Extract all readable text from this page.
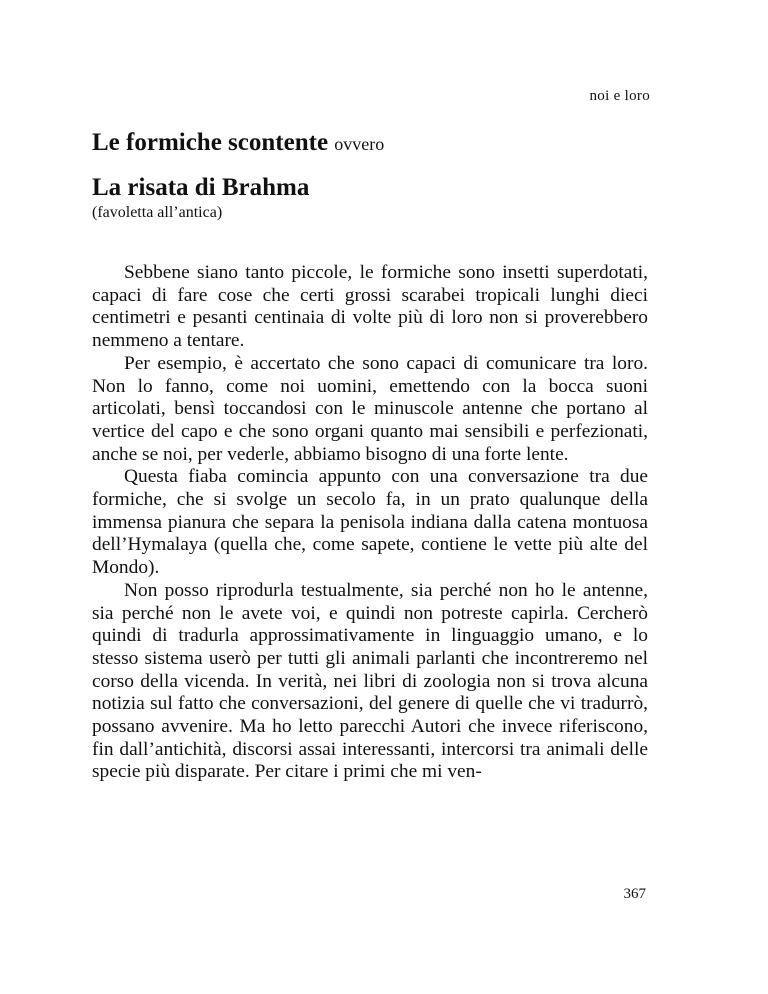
noi e loro

Le formiche scontente ovvero

La risata di Brahma

(favoletta all’antica)

Sebbene siano tanto piccole, le formiche sono insetti superdotati, capaci di fare cose che certi grossi scarabei tropicali lunghi dieci centimetri e pesanti centinaia di volte più di loro non si proverebbero nemmeno a tentare.

Per esempio, è accertato che sono capaci di comunicare tra loro. Non lo fanno, come noi uomini, emettendo con la bocca suoni articolati, bensì toccandosi con le minuscole antenne che portano al vertice del capo e che sono organi quanto mai sensibili e perfezionati, anche se noi, per vederle, abbiamo bisogno di una forte lente.

Questa fiaba comincia appunto con una conversazione tra due formiche, che si svolge un secolo fa, in un prato qualunque della immensa pianura che separa la penisola indiana dalla catena montuosa dell’Hymalaya (quella che, come sapete, contiene le vette più alte del Mondo).

Non posso riprodurla testualmente, sia perché non ho le antenne, sia perché non le avete voi, e quindi non potreste capirla. Cercherò quindi di tradurla approssimativamente in linguaggio umano, e lo stesso sistema userò per tutti gli animali parlanti che incontreremo nel corso della vicenda. In verità, nei libri di zoologia non si trova alcuna notizia sul fatto che conversazioni, del genere di quelle che vi tradurrò, possano avvenire. Ma ho letto parecchi Autori che invece riferiscono, fin dall’antichità, discorsi assai interessanti, intercorsi tra animali delle specie più disparate. Per citare i primi che mi ven-

367
